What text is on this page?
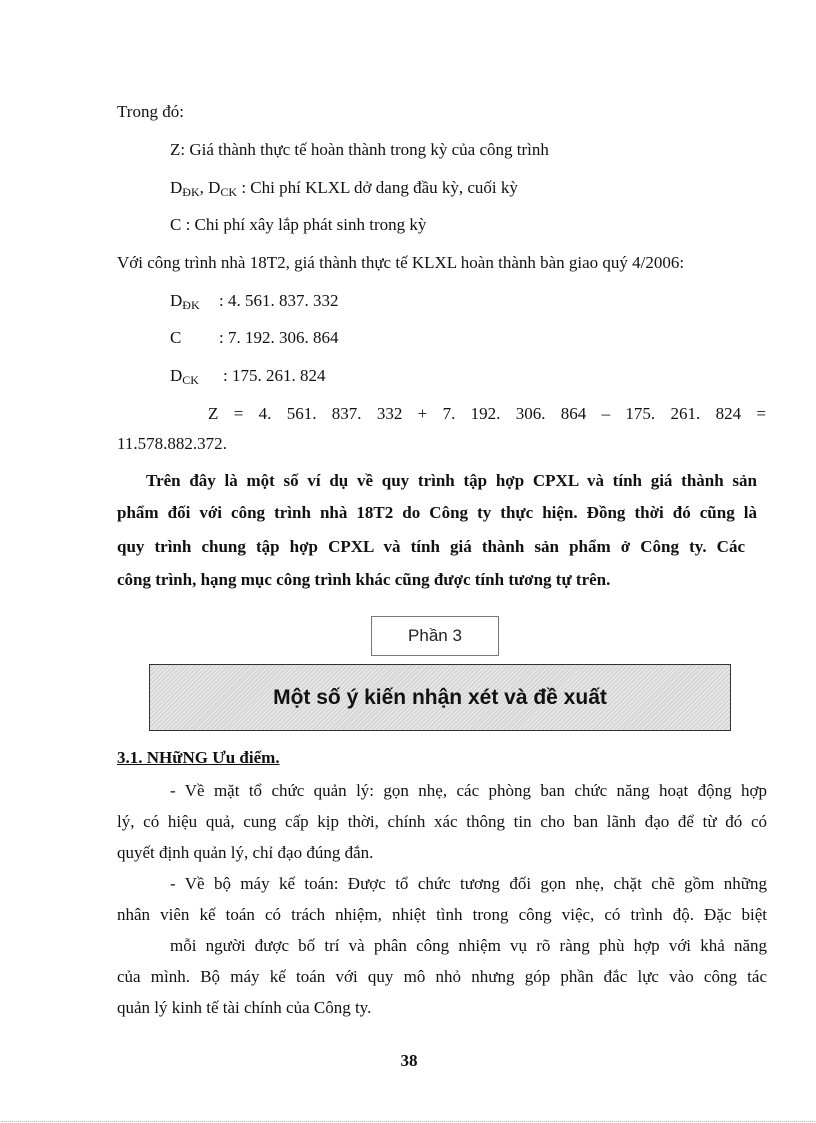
Trong đó:
Z: Giá thành thực tế hoàn thành trong kỳ của công trình
$D_{ĐK}$, $D_{CK}$ : Chi phí KLXL dở dang đầu kỳ, cuối kỳ
C : Chi phí xây lắp phát sinh trong kỳ
Với công trình nhà 18T2, giá thành thực tế KLXL hoàn thành bàn giao quý 4/2006:
$D_{ĐK}$ : 4. 561. 837. 332
C : 7. 192. 306. 864
$D_{CK}$ : 175. 261. 824
Z = 4. 561. 837. 332 + 7. 192. 306. 864 – 175. 261. 824 =
11.578.882.372.
Trên đây là một số ví dụ về quy trình tập hợp CPXL và tính giá thành sản
phẩm đối với công trình nhà 18T2 do Công ty thực hiện. Đồng thời đó cũng là
quy trình chung tập hợp CPXL và tính giá thành sản phẩm ở Công ty. Các
công trình, hạng mục công trình khác cũng được tính tương tự trên.
Phần 3
Một số ý kiến nhận xét và đề xuất
3.1. NHữNG Ưu điểm.
- Về mặt tổ chức quản lý: gọn nhẹ, các phòng ban chức năng hoạt động hợp
lý, có hiệu quả, cung cấp kịp thời, chính xác thông tin cho ban lãnh đạo để từ đó có
quyết định quản lý, chỉ đạo đúng đắn.
- Về bộ máy kế toán: Được tổ chức tương đối gọn nhẹ, chặt chẽ gồm những
nhân viên kế toán có trách nhiệm, nhiệt tình trong công việc, có trình độ. Đặc biệt
mỗi người được bố trí và phân công nhiệm vụ rõ ràng phù hợp với khả năng
của mình. Bộ máy kế toán với quy mô nhỏ nhưng góp phần đắc lực vào công tác
quản lý kinh tế tài chính của Công ty.
38
